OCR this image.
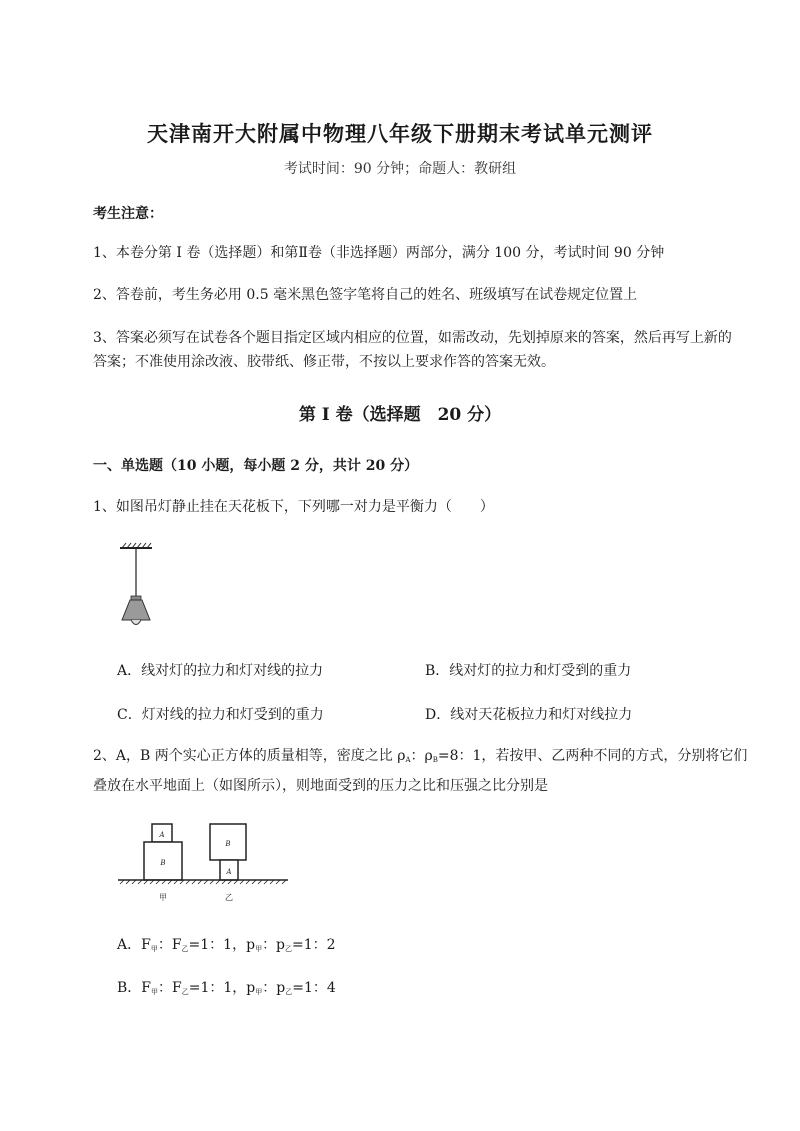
天津南开大附属中物理八年级下册期末考试单元测评
考试时间：90 分钟；命题人：教研组
考生注意：
1、本卷分第 I 卷（选择题）和第Ⅱ卷（非选择题）两部分，满分 100 分，考试时间 90 分钟
2、答卷前，考生务必用 0.5 毫米黑色签字笔将自己的姓名、班级填写在试卷规定位置上
3、答案必须写在试卷各个题目指定区域内相应的位置，如需改动，先划掉原来的答案，然后再写上新的答案；不准使用涂改液、胶带纸、修正带，不按以上要求作答的答案无效。
第 I 卷（选择题　20 分）
一、单选题（10 小题，每小题 2 分，共计 20 分）
1、如图吊灯静止挂在天花板下，下列哪一对力是平衡力（　　）
A．线对灯的拉力和灯对线的拉力	B．线对灯的拉力和灯受到的重力
C．灯对线的拉力和灯受到的重力	D．线对天花板拉力和灯对线拉力
2、A，B 两个实心正方体的质量相等，密度之比 $\rho_A$：$\rho_B=8$：1，若按甲、乙两种不同的方式，分别将它们叠放在水平地面上（如图所示），则地面受到的压力之比和压强之比分别是
A
B
B
A
甲	乙
A．$F_甲$：$F_乙=1$：1，$p_甲$：$p_乙=1$：2
B．$F_甲$：$F_乙=1$：1，$p_甲$：$p_乙=1$：4
